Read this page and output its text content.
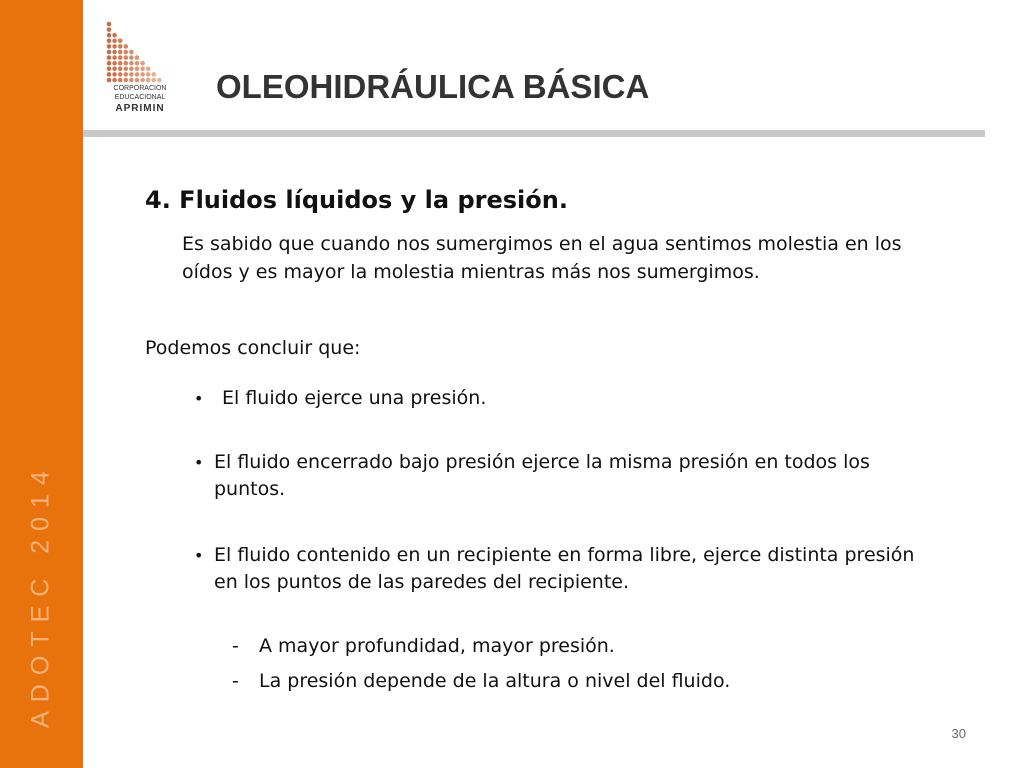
ADOTEC 2014
CORPORACION
EDUCACIONAL
APRIMIN
OLEOHIDRÁULICA BÁSICA
4. Fluidos líquidos y la presión.

Es sabido que cuando nos sumergimos en el agua sentimos molestia en los oídos y es mayor la molestia mientras más nos sumergimos.

Podemos concluir que:

• El fluido ejerce una presión.
• El fluido encerrado bajo presión ejerce la misma presión en todos los puntos.
• El fluido contenido en un recipiente en forma libre, ejerce distinta presión en los puntos de las paredes del recipiente.
- A mayor profundidad, mayor presión.
- La presión depende de la altura o nivel del fluido.
30
